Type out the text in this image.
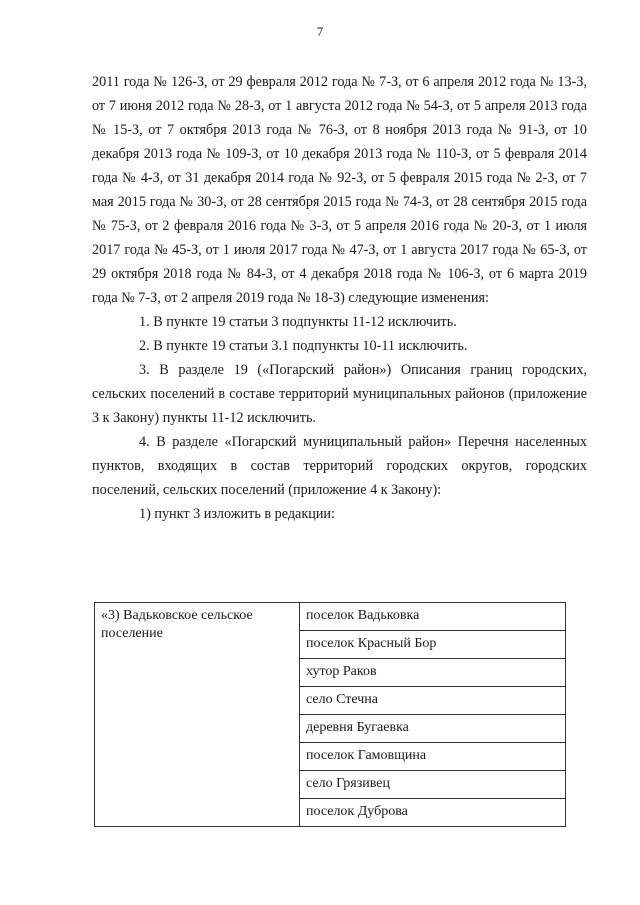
7

2011 года № 126-З, от 29 февраля 2012 года № 7-З, от 6 апреля 2012 года № 13-З, от 7 июня 2012 года № 28-З, от 1 августа 2012 года № 54-З, от 5 апреля 2013 года № 15-З, от 7 октября 2013 года № 76-З, от 8 ноября 2013 года № 91-З, от 10 декабря 2013 года № 109-З, от 10 декабря 2013 года № 110-З, от 5 февраля 2014 года № 4-З, от 31 декабря 2014 года № 92-З, от 5 февраля 2015 года № 2-З, от 7 мая 2015 года № 30-З, от 28 сентября 2015 года № 74-З, от 28 сентября 2015 года № 75-З, от 2 февраля 2016 года № 3-З, от 5 апреля 2016 года № 20-З, от 1 июля 2017 года № 45-З, от 1 июля 2017 года № 47-З, от 1 августа 2017 года № 65-З, от 29 октября 2018 года № 84-З, от 4 декабря 2018 года № 106-З, от 6 марта 2019 года № 7-З, от 2 апреля 2019 года № 18-З) следующие изменения:

1. В пункте 19 статьи 3 подпункты 11-12 исключить.

2. В пункте 19 статьи 3.1 подпункты 10-11 исключить.

3. В разделе 19 («Погарский район») Описания границ городских, сельских поселений в составе территорий муниципальных районов (приложение 3 к Закону) пункты 11-12 исключить.

4. В разделе «Погарский муниципальный район» Перечня населенных пунктов, входящих в состав территорий городских округов, городских поселений, сельских поселений (приложение 4 к Закону):

1) пункт 3 изложить в редакции:

«3) Вадьковское сельское поселение	поселок Вадьковка
поселок Красный Бор
хутор Раков
село Стечна
деревня Бугаевка
поселок Гамовщина
село Грязивец
поселок Дуброва
